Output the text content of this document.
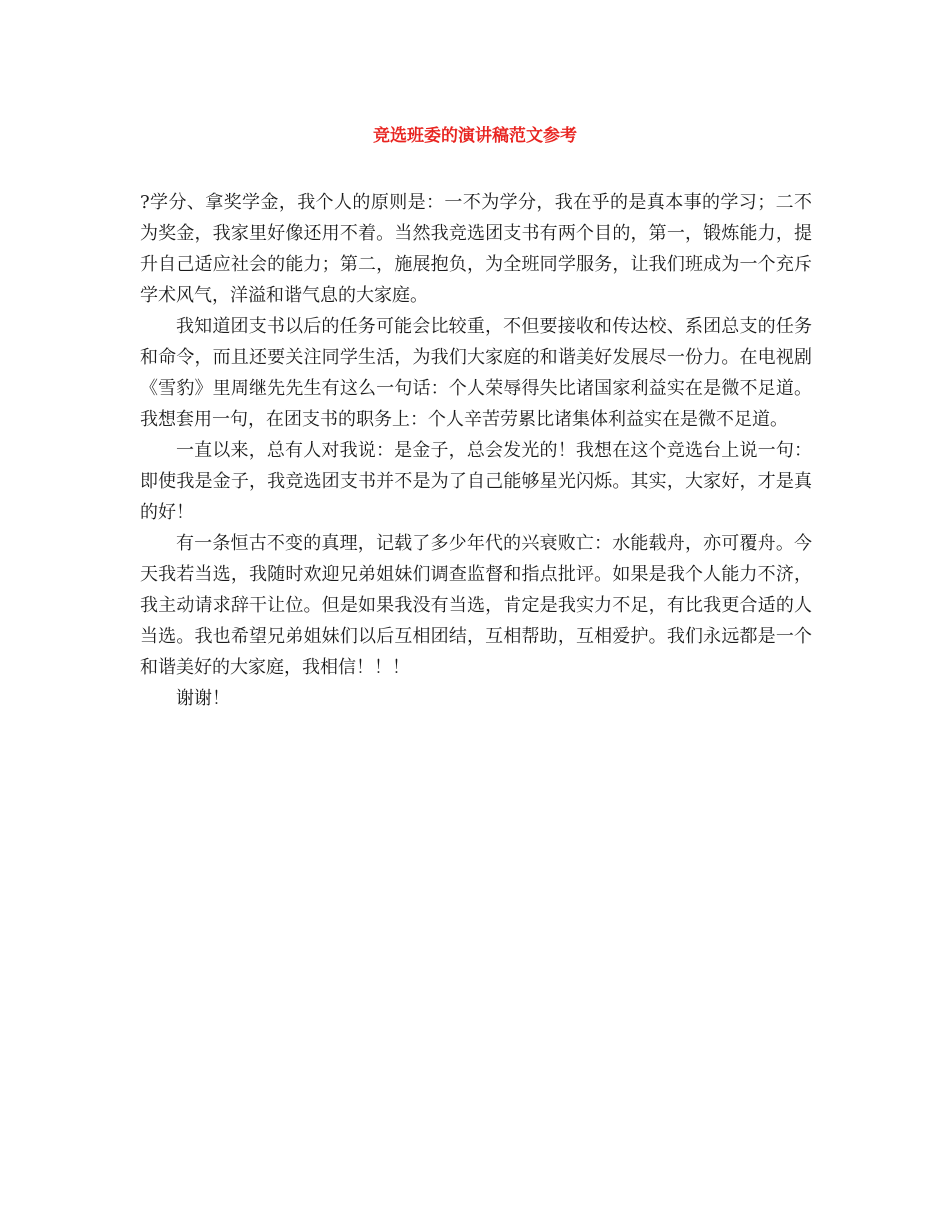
竞选班委的演讲稿范文参考

?学分、拿奖学金，我个人的原则是：一不为学分，我在乎的是真本事的学习；二不为奖金，我家里好像还用不着。当然我竞选团支书有两个目的，第一，锻炼能力，提升自己适应社会的能力；第二，施展抱负，为全班同学服务，让我们班成为一个充斥学术风气，洋溢和谐气息的大家庭。

我知道团支书以后的任务可能会比较重，不但要接收和传达校、系团总支的任务和命令，而且还要关注同学生活，为我们大家庭的和谐美好发展尽一份力。在电视剧《雪豹》里周继先先生有这么一句话：个人荣辱得失比诸国家利益实在是微不足道。我想套用一句，在团支书的职务上：个人辛苦劳累比诸集体利益实在是微不足道。

一直以来，总有人对我说：是金子，总会发光的！我想在这个竞选台上说一句：即使我是金子，我竞选团支书并不是为了自己能够星光闪烁。其实，大家好，才是真的好！

有一条恒古不变的真理，记载了多少年代的兴衰败亡：水能载舟，亦可覆舟。今天我若当选，我随时欢迎兄弟姐妹们调查监督和指点批评。如果是我个人能力不济，我主动请求辞干让位。但是如果我没有当选，肯定是我实力不足，有比我更合适的人当选。我也希望兄弟姐妹们以后互相团结，互相帮助，互相爱护。我们永远都是一个和谐美好的大家庭，我相信！！！

谢谢！
